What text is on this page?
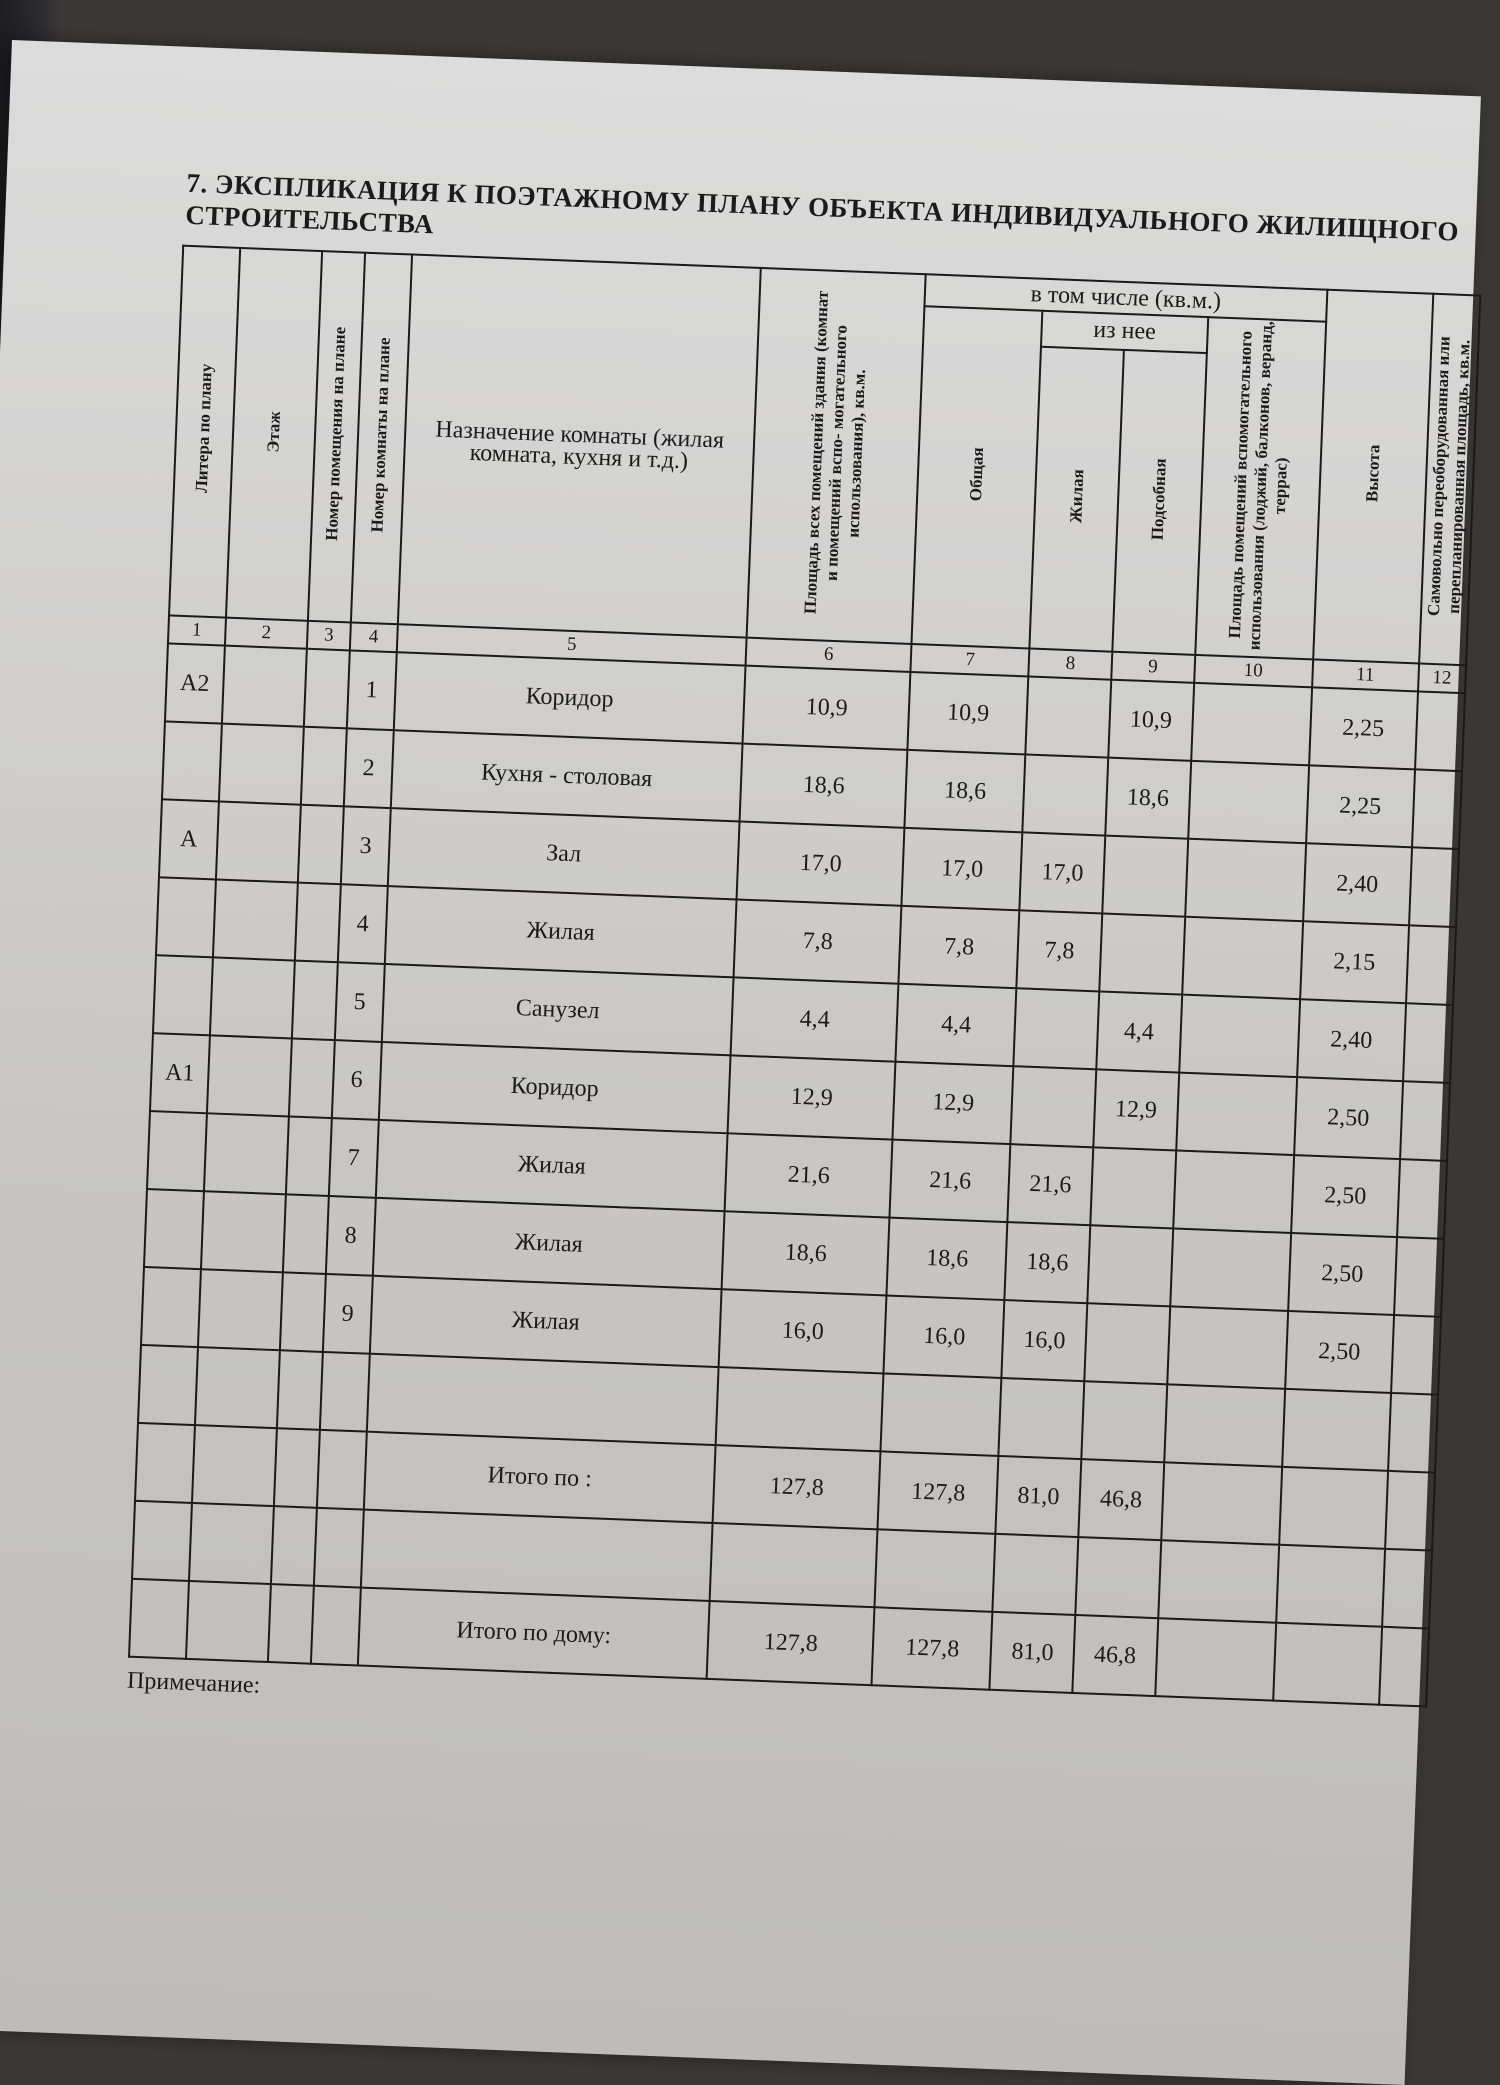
7. ЭКСПЛИКАЦИЯ К ПОЭТАЖНОМУ ПЛАНУ ОБЪЕКТА ИНДИВИДУАЛЬНОГО ЖИЛИЩНОГО СТРОИТЕЛЬСТВА
Литера по плану	Этаж	Номер помещения на плане	Номер комнаты на плане	Назначение комнаты (жилая комната, кухня и т.д.)	Площадь всех помещений здания (комнат и помещений вспо- могательного использования), кв.м.	в том числе (кв.м.)				Высота	Самовольно переоборудованная или перепланированная площадь, кв.м.

						Общая	из нее		Площадь помещений вспомогательного использования (лоджий, балконов, веранд, террас)		

							Жилая	Подсобная			

1	2	3	4	5	6	7	8	9	10	11	12
А2			1	Коридор	10,9	10,9		10,9		2,25	
			2	Кухня - столовая	18,6	18,6		18,6		2,25	
А			3	Зал	17,0	17,0	17,0			2,40	
			4	Жилая	7,8	7,8	7,8			2,15	
			5	Санузел	4,4	4,4		4,4		2,40	
А1			6	Коридор	12,9	12,9		12,9		2,50	
			7	Жилая	21,6	21,6	21,6			2,50	
			8	Жилая	18,6	18,6	18,6			2,50	
			9	Жилая	16,0	16,0	16,0			2,50	

				Итого по :	127,8	127,8	81,0	46,8			

				Итого по дому:	127,8	127,8	81,0	46,8			
Примечание:
